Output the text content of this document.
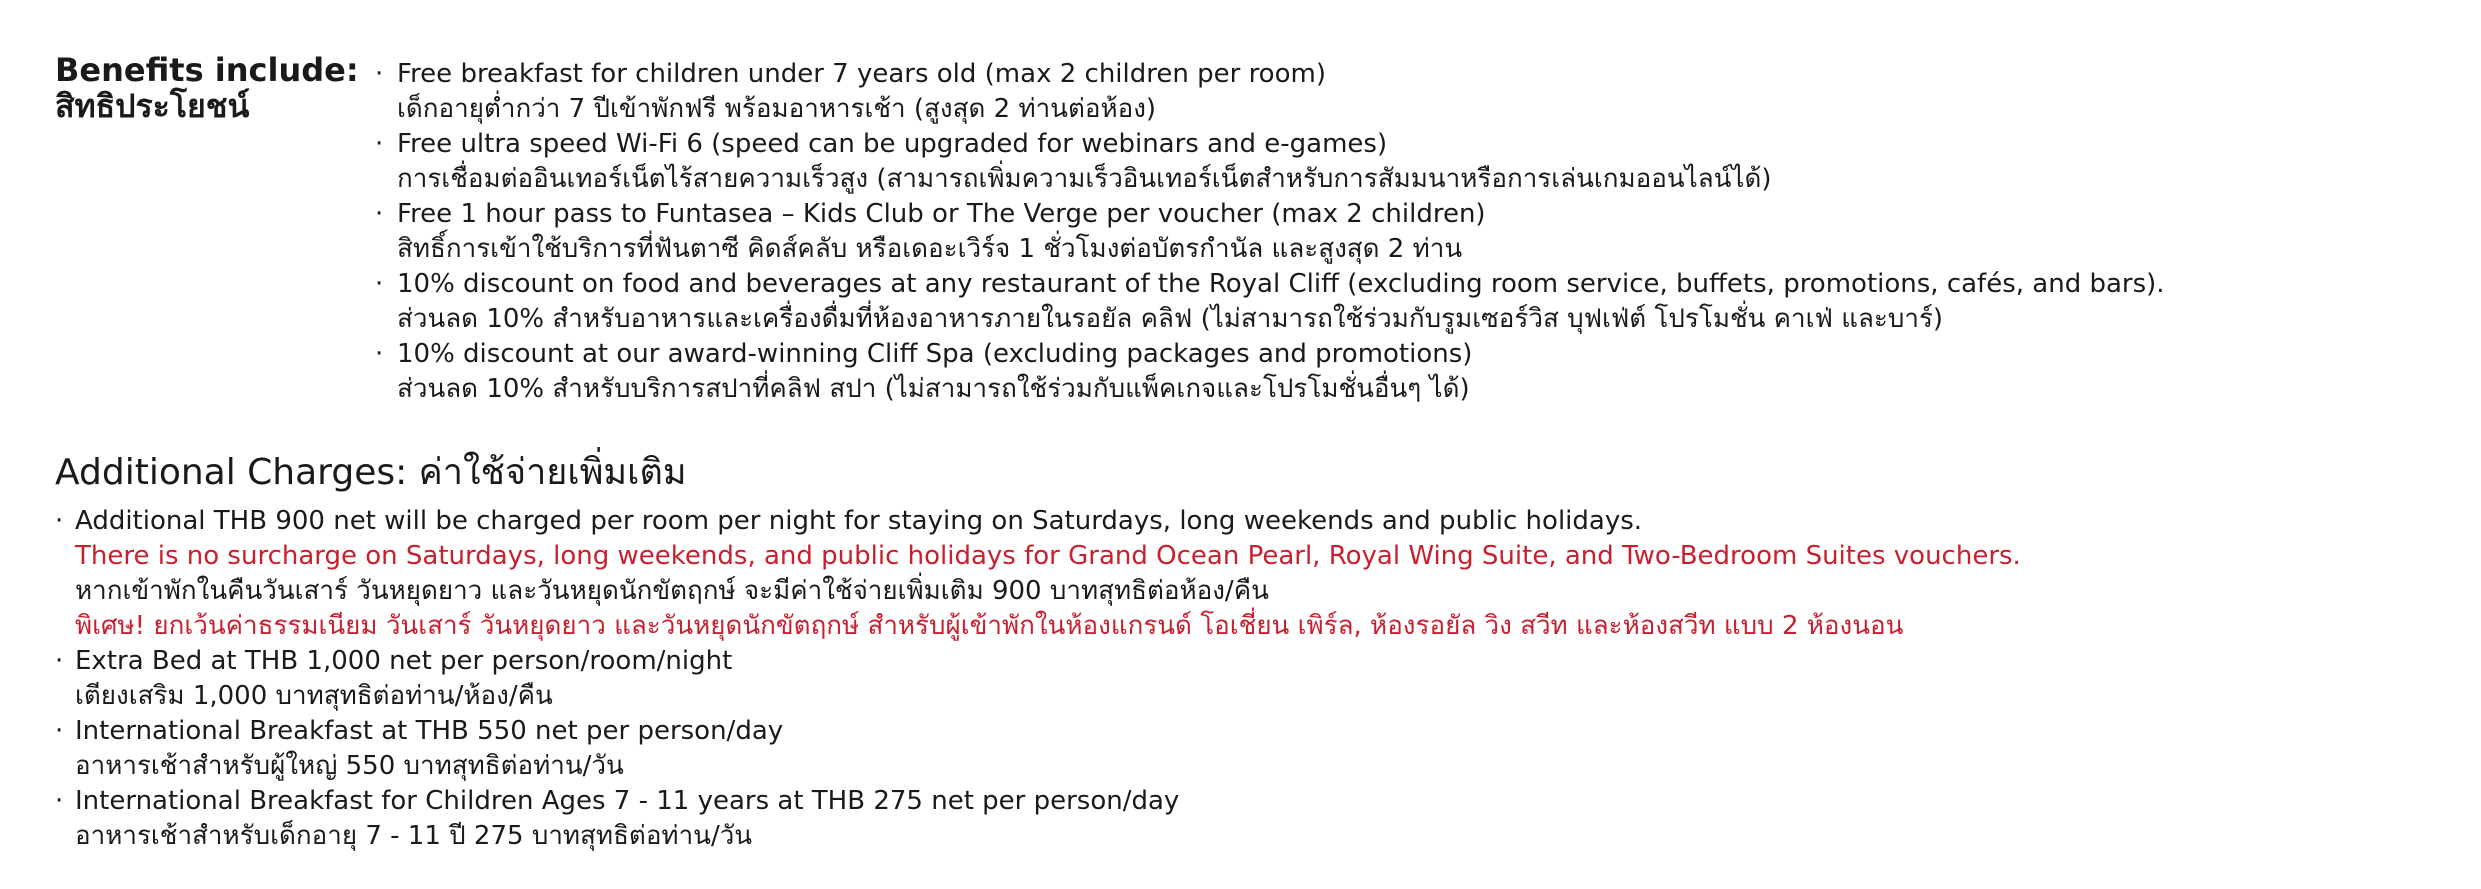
Benefits include:
สิทธิประโยชน์
· Free breakfast for children under 7 years old (max 2 children per room)
เด็กอายุต่ำกว่า 7 ปีเข้าพักฟรี พร้อมอาหารเช้า (สูงสุด 2 ท่านต่อห้อง)
· Free ultra speed Wi-Fi 6 (speed can be upgraded for webinars and e-games)
การเชื่อมต่ออินเทอร์เน็ตไร้สายความเร็วสูง (สามารถเพิ่มความเร็วอินเทอร์เน็ตสำหรับการสัมมนาหรือการเล่นเกมออนไลน์ได้)
· Free 1 hour pass to Funtasea – Kids Club or The Verge per voucher (max 2 children)
สิทธิ์การเข้าใช้บริการที่ฟันตาซี คิดส์คลับ หรือเดอะเวิร์จ 1 ชั่วโมงต่อบัตรกำนัล และสูงสุด 2 ท่าน
· 10% discount on food and beverages at any restaurant of the Royal Cliff (excluding room service, buffets, promotions, cafés, and bars).
ส่วนลด 10% สำหรับอาหารและเครื่องดื่มที่ห้องอาหารภายในรอยัล คลิฟ (ไม่สามารถใช้ร่วมกับรูมเซอร์วิส บุฟเฟ่ต์ โปรโมชั่น คาเฟ่ และบาร์)
· 10% discount at our award-winning Cliff Spa (excluding packages and promotions)
ส่วนลด 10% สำหรับบริการสปาที่คลิฟ สปา (ไม่สามารถใช้ร่วมกับแพ็คเกจและโปรโมชั่นอื่นๆ ได้)
Additional Charges: ค่าใช้จ่ายเพิ่มเติม
· Additional THB 900 net will be charged per room per night for staying on Saturdays, long weekends and public holidays.
There is no surcharge on Saturdays, long weekends, and public holidays for Grand Ocean Pearl, Royal Wing Suite, and Two-Bedroom Suites vouchers.
หากเข้าพักในคืนวันเสาร์ วันหยุดยาว และวันหยุดนักขัตฤกษ์ จะมีค่าใช้จ่ายเพิ่มเติม 900 บาทสุทธิต่อห้อง/คืน
พิเศษ! ยกเว้นค่าธรรมเนียม วันเสาร์ วันหยุดยาว และวันหยุดนักขัตฤกษ์ สำหรับผู้เข้าพักในห้องแกรนด์ โอเชี่ยน เพิร์ล, ห้องรอยัล วิง สวีท และห้องสวีท แบบ 2 ห้องนอน
· Extra Bed at THB 1,000 net per person/room/night
เตียงเสริม 1,000 บาทสุทธิต่อท่าน/ห้อง/คืน
· International Breakfast at THB 550 net per person/day
อาหารเช้าสำหรับผู้ใหญ่ 550 บาทสุทธิต่อท่าน/วัน
· International Breakfast for Children Ages 7 - 11 years at THB 275 net per person/day
อาหารเช้าสำหรับเด็กอายุ 7 - 11 ปี 275 บาทสุทธิต่อท่าน/วัน
